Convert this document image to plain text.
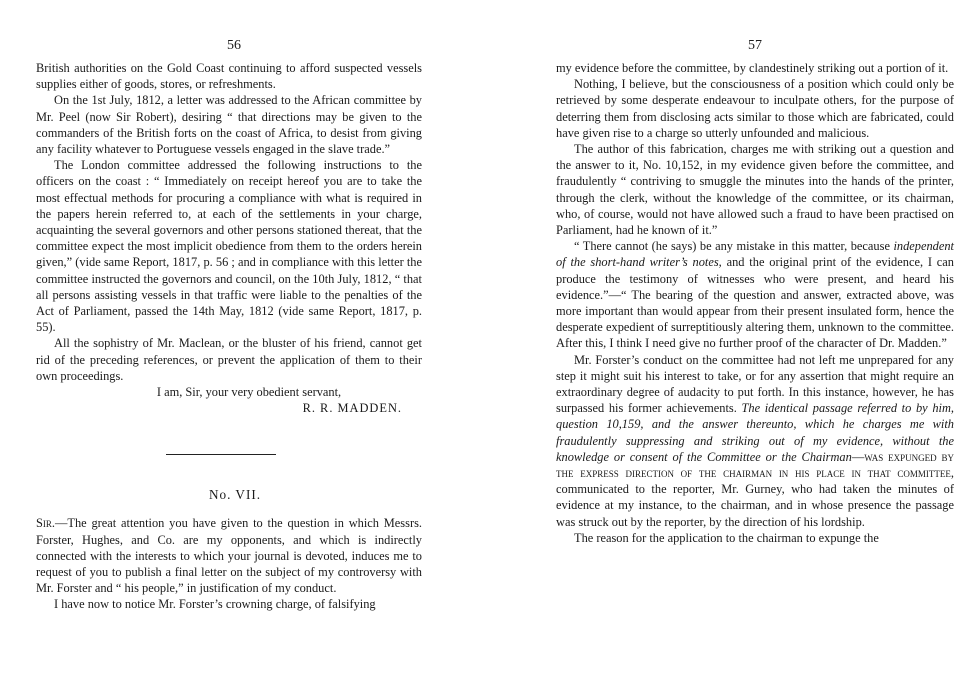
56

British authorities on the Gold Coast continuing to afford suspected vessels supplies either of goods, stores, or refreshments.

On the 1st July, 1812, a letter was addressed to the African committee by Mr. Peel (now Sir Robert), desiring “ that directions may be given to the commanders of the British forts on the coast of Africa, to desist from giving any facility whatever to Portuguese vessels engaged in the slave trade.”

The London committee addressed the following instructions to the officers on the coast : “ Immediately on receipt hereof you are to take the most effectual methods for procuring a compliance with what is required in the papers herein referred to, at each of the settlements in your charge, acquainting the several governors and other persons stationed thereat, that the committee expect the most implicit obedience from them to the orders herein given,” (vide same Report, 1817, p. 56 ; and in compliance with this letter the committee instructed the governors and council, on the 10th July, 1812, “ that all persons assisting vessels in that traffic were liable to the penalties of the Act of Parliament, passed the 14th May, 1812 (vide same Report, 1817, p. 55).

All the sophistry of Mr. Maclean, or the bluster of his friend, cannot get rid of the preceding references, or prevent the application of them to their own proceedings.

I am, Sir, your very obedient servant,
R. R. MADDEN.
No. VII.

Sir.—The great attention you have given to the question in which Messrs. Forster, Hughes, and Co. are my opponents, and which is indirectly connected with the interests to which your journal is devoted, induces me to request of you to publish a final letter on the subject of my controversy with Mr. Forster and “ his people,” in justification of my conduct.

I have now to notice Mr. Forster’s crowning charge, of falsifying

57

my evidence before the committee, by clandestinely striking out a portion of it.

Nothing, I believe, but the consciousness of a position which could only be retrieved by some desperate endeavour to inculpate others, for the purpose of deterring them from disclosing acts similar to those which are fabricated, could have given rise to a charge so utterly unfounded and malicious.

The author of this fabrication, charges me with striking out a question and the answer to it, No. 10,152, in my evidence given before the committee, and fraudulently “ contriving to smuggle the minutes into the hands of the printer, through the clerk, without the knowledge of the committee, or its chairman, who, of course, would not have allowed such a fraud to have been practised on Parliament, had he known of it.”

“ There cannot (he says) be any mistake in this matter, because independent of the short-hand writer’s notes, and the original print of the evidence, I can produce the testimony of witnesses who were present, and heard his evidence.”—“ The bearing of the question and answer, extracted above, was more important than would appear from their present insulated form, hence the desperate expedient of surreptitiously altering them, unknown to the committee. After this, I think I need give no further proof of the character of Dr. Madden.”

Mr. Forster’s conduct on the committee had not left me unprepared for any step it might suit his interest to take, or for any assertion that might require an extraordinary degree of audacity to put forth. In this instance, however, he has surpassed his former achievements. The identical passage referred to by him, question 10,159, and the answer thereunto, which he charges me with fraudulently suppressing and striking out of my evidence, without the knowledge or consent of the Committee or the Chairman—was expunged by the express direction of the chairman in his place in that committee, communicated to the reporter, Mr. Gurney, who had taken the minutes of evidence at my instance, to the chairman, and in whose presence the passage was struck out by the reporter, by the direction of his lordship.

The reason for the application to the chairman to expunge the
